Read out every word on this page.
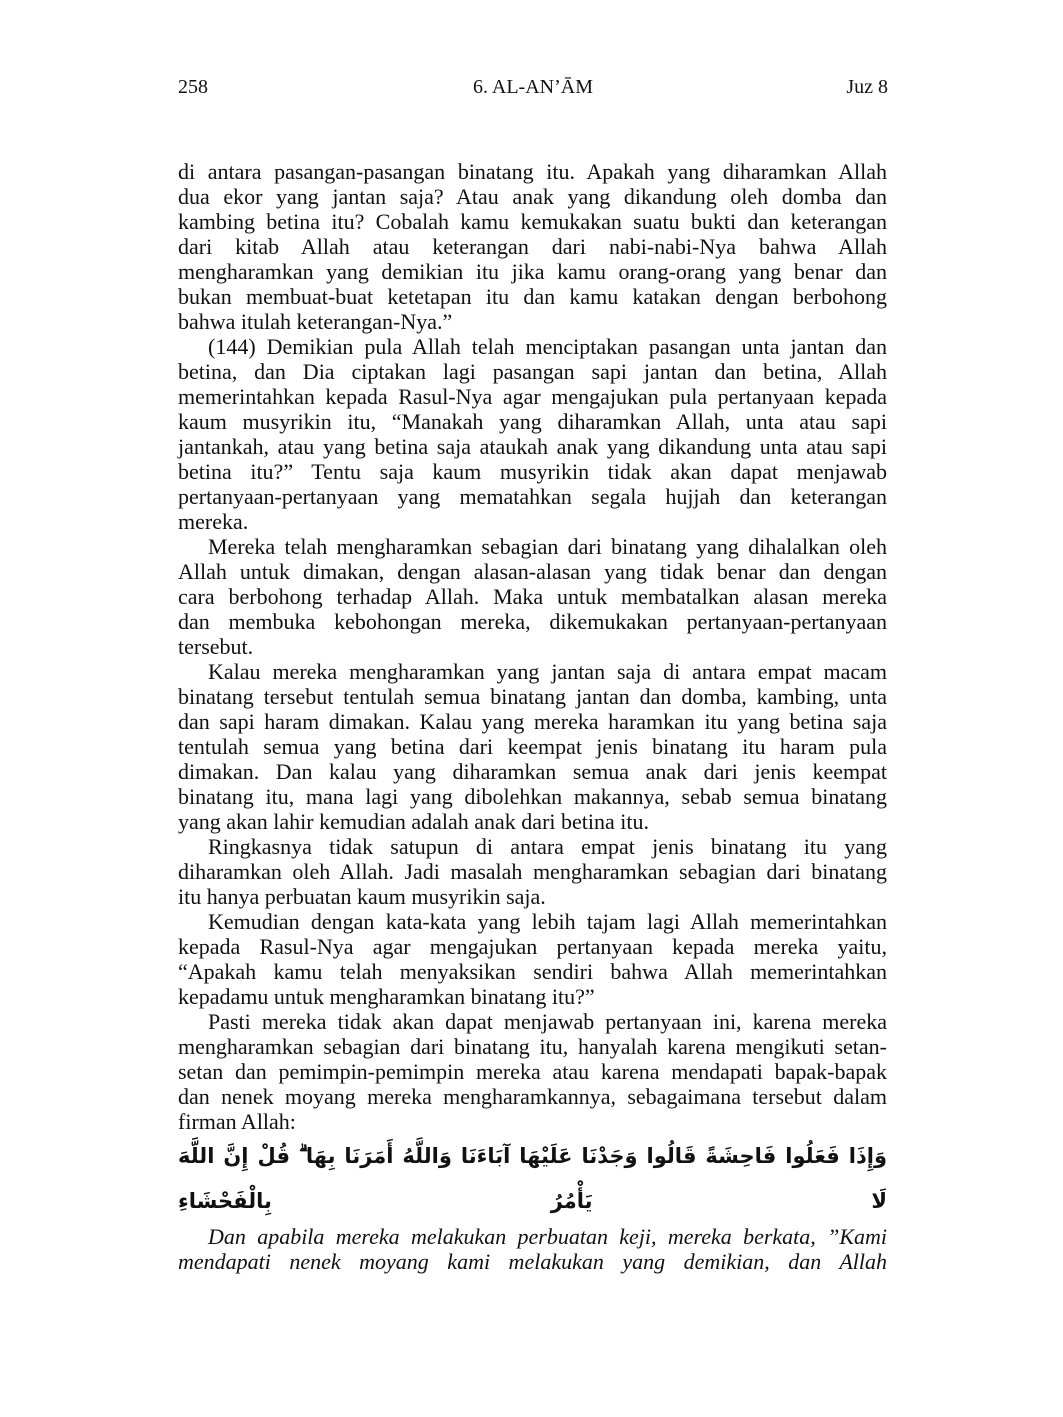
258	6. AL-AN’ĀM	Juz 8
di antara pasangan-pasangan binatang itu. Apakah yang diharamkan Allah
dua ekor yang jantan saja? Atau anak yang dikandung oleh domba dan
kambing betina itu? Cobalah kamu kemukakan suatu bukti dan keterangan
dari kitab Allah atau keterangan dari nabi-nabi-Nya bahwa Allah
mengharamkan yang demikian itu jika kamu orang-orang yang benar dan
bukan membuat-buat ketetapan itu dan kamu katakan dengan berbohong
bahwa itulah keterangan-Nya.”
(144) Demikian pula Allah telah menciptakan pasangan unta jantan dan
betina, dan Dia ciptakan lagi pasangan sapi jantan dan betina, Allah
memerintahkan kepada Rasul-Nya agar mengajukan pula pertanyaan kepada
kaum musyrikin itu, “Manakah yang diharamkan Allah, unta atau sapi
jantankah, atau yang betina saja ataukah anak yang dikandung unta atau sapi
betina itu?” Tentu saja kaum musyrikin tidak akan dapat menjawab
pertanyaan-pertanyaan yang mematahkan segala hujjah dan keterangan
mereka.
Mereka telah mengharamkan sebagian dari binatang yang dihalalkan oleh
Allah untuk dimakan, dengan alasan-alasan yang tidak benar dan dengan
cara berbohong terhadap Allah. Maka untuk membatalkan alasan mereka
dan membuka kebohongan mereka, dikemukakan pertanyaan-pertanyaan
tersebut.
Kalau mereka mengharamkan yang jantan saja di antara empat macam
binatang tersebut tentulah semua binatang jantan dan domba, kambing, unta
dan sapi haram dimakan. Kalau yang mereka haramkan itu yang betina saja
tentulah semua yang betina dari keempat jenis binatang itu haram pula
dimakan. Dan kalau yang diharamkan semua anak dari jenis keempat
binatang itu, mana lagi yang dibolehkan makannya, sebab semua binatang
yang akan lahir kemudian adalah anak dari betina itu.
Ringkasnya tidak satupun di antara empat jenis binatang itu yang
diharamkan oleh Allah. Jadi masalah mengharamkan sebagian dari binatang
itu hanya perbuatan kaum musyrikin saja.
Kemudian dengan kata-kata yang lebih tajam lagi Allah memerintahkan
kepada Rasul-Nya agar mengajukan pertanyaan kepada mereka yaitu,
“Apakah kamu telah menyaksikan sendiri bahwa Allah memerintahkan
kepadamu untuk mengharamkan binatang itu?”
Pasti mereka tidak akan dapat menjawab pertanyaan ini, karena mereka
mengharamkan sebagian dari binatang itu, hanyalah karena mengikuti setan-
setan dan pemimpin-pemimpin mereka atau karena mendapati bapak-bapak
dan nenek moyang mereka mengharamkannya, sebagaimana tersebut dalam
firman Allah:
وَإِذَا فَعَلُوا فَاحِشَةً قَالُوا وَجَدْنَا عَلَيْهَا آبَاءَنَا وَاللَّهُ أَمَرَنَا بِهَا ۗ قُلْ إِنَّ اللَّهَ لَا يَأْمُرُ بِالْفَحْشَاءِ
Dan apabila mereka melakukan perbuatan keji, mereka berkata, ”Kami
mendapati nenek moyang kami melakukan yang demikian, dan Allah
